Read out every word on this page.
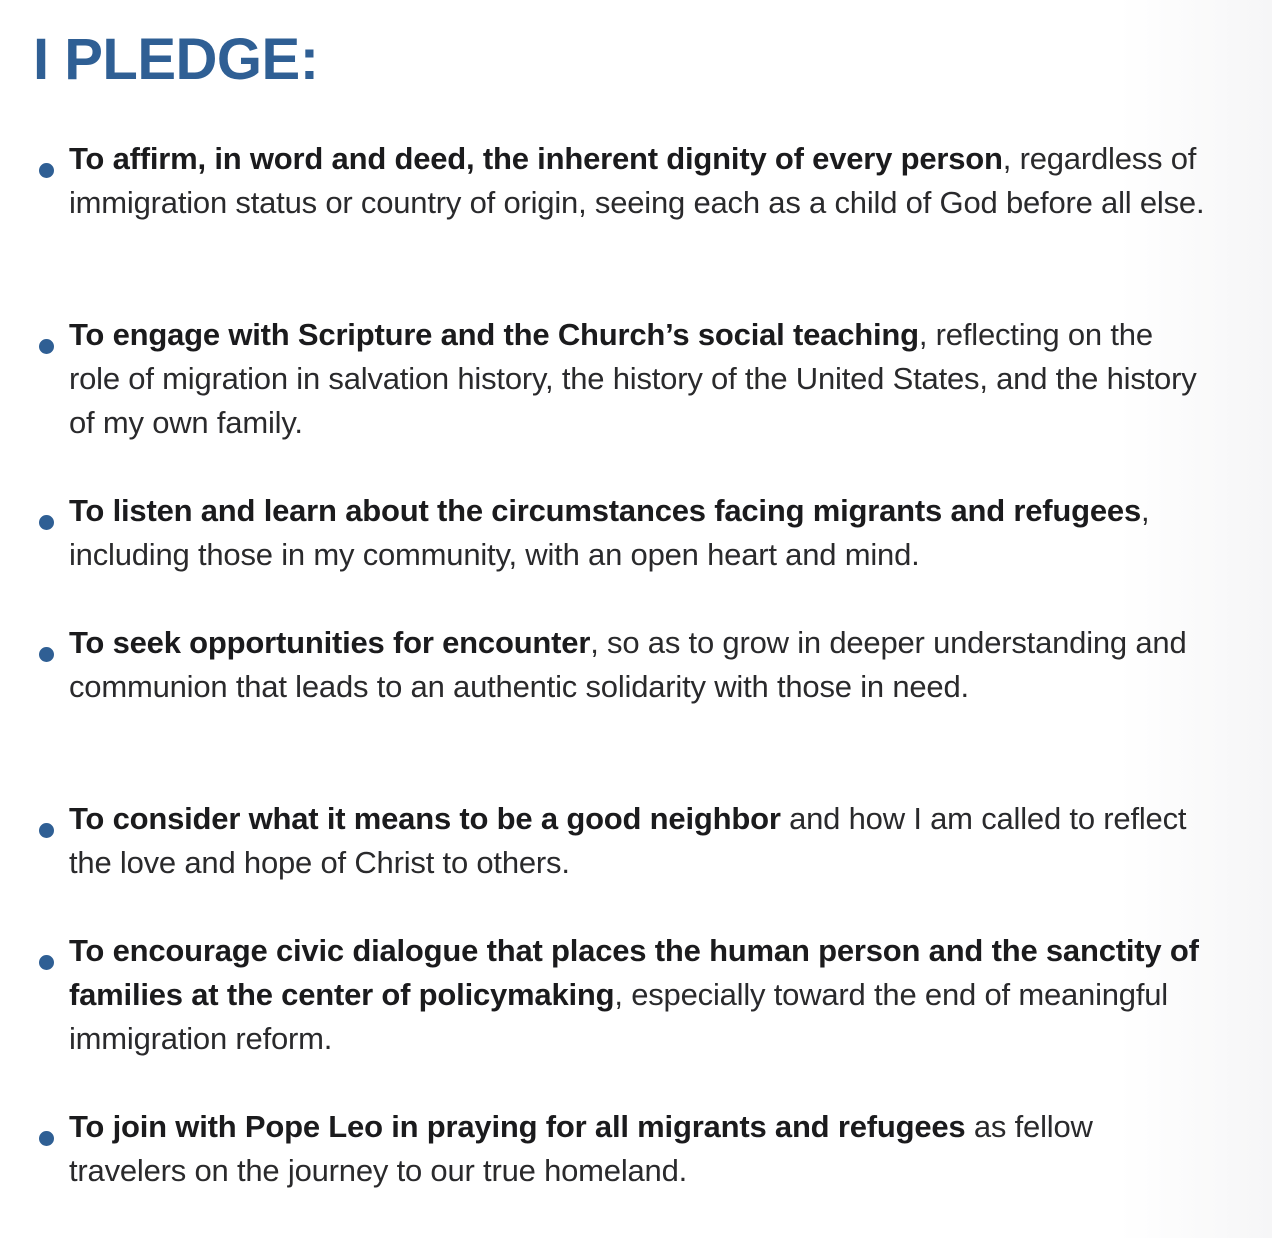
I PLEDGE:

To affirm, in word and deed, the inherent dignity of every person, regardless of immigration status or country of origin, seeing each as a child of God before all else.

To engage with Scripture and the Church’s social teaching, reflecting on the role of migration in salvation history, the history of the United States, and the history of my own family.

To listen and learn about the circumstances facing migrants and refugees, including those in my community, with an open heart and mind.

To seek opportunities for encounter, so as to grow in deeper understanding and communion that leads to an authentic solidarity with those in need.

To consider what it means to be a good neighbor and how I am called to reflect the love and hope of Christ to others.

To encourage civic dialogue that places the human person and the sanctity of families at the center of policymaking, especially toward the end of meaningful immigration reform.

To join with Pope Leo in praying for all migrants and refugees as fellow travelers on the journey to our true homeland.
